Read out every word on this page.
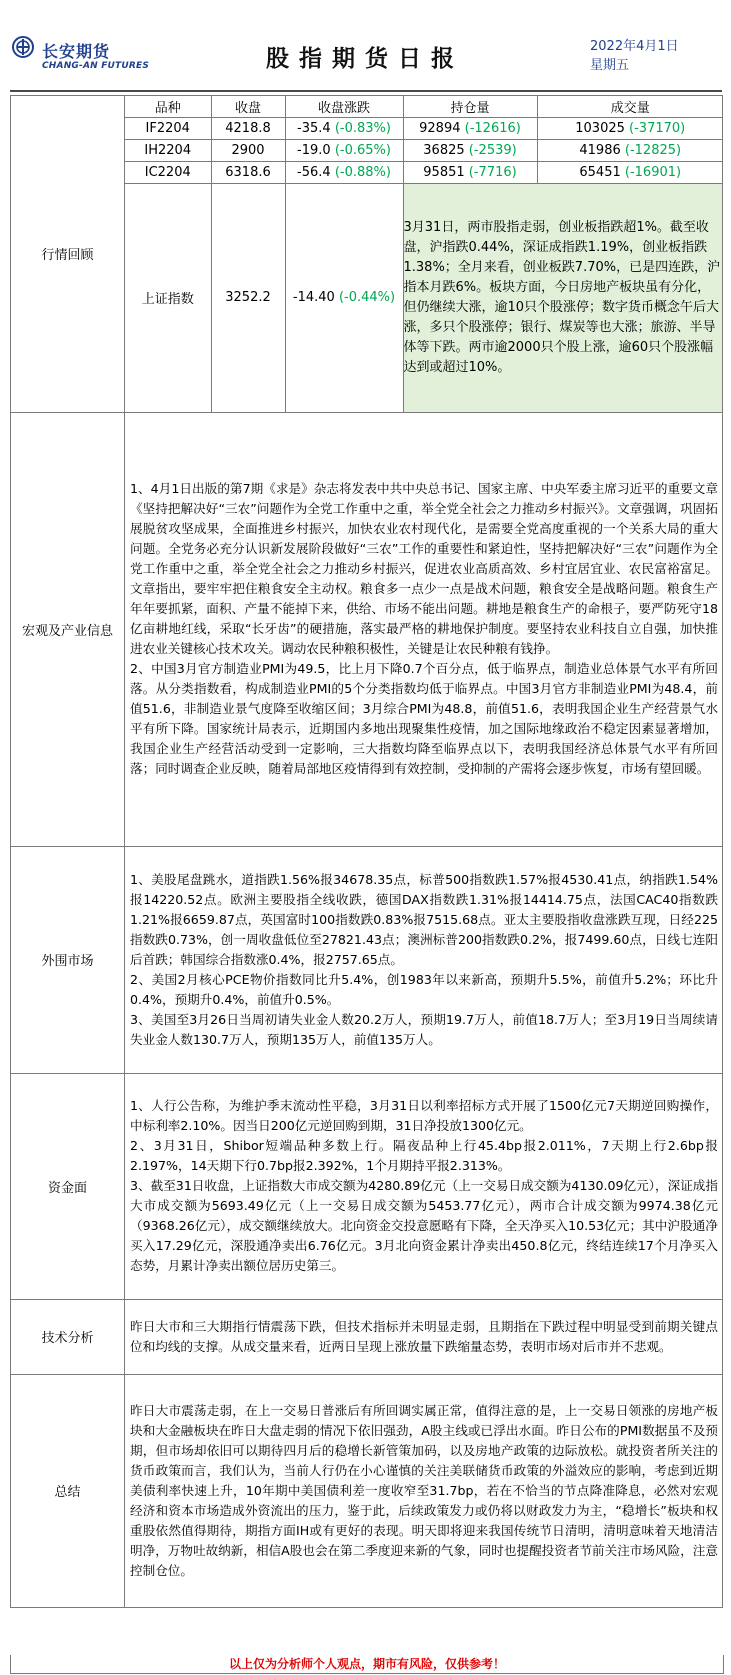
长安期货
CHANG-AN FUTURES	股指期货日报	2022年4月1日
星期五
行情回顾	
品种	收盘	收盘涨跌	持仓量	成交量
IF2204	4218.8	-35.4 (-0.83%)	92894 (-12616)	103025 (-37170)
IH2204	2900	-19.0 (-0.65%)	36825 (-2539)	41986 (-12825)
IC2204	6318.6	-56.4 (-0.88%)	95851 (-7716)	65451 (-16901)
上证指数	3252.2	-14.40 (-0.44%)	3月31日，两市股指走弱，创业板指跌超1%。截至收盘，沪指跌0.44%，深证成指跌1.19%，创业板指跌1.38%；全月来看，创业板跌7.70%，已是四连跌，沪指本月跌6%。板块方面，今日房地产板块虽有分化，但仍继续大涨，逾10只个股涨停；数字货币概念午后大涨，多只个股涨停；银行、煤炭等也大涨；旅游、半导体等下跌。两市逾2000只个股上涨，逾60只个股涨幅达到或超过10%。

宏观及产业信息	

1、4月1日出版的第7期《求是》杂志将发表中共中央总书记、国家主席、中央军委主席习近平的重要文章《坚持把解决好“三农”问题作为全党工作重中之重，举全党全社会之力推动乡村振兴》。文章强调，巩固拓展脱贫攻坚成果，全面推进乡村振兴，加快农业农村现代化，是需要全党高度重视的一个关系大局的重大问题。全党务必充分认识新发展阶段做好“三农”工作的重要性和紧迫性，坚持把解决好“三农”问题作为全党工作重中之重，举全党全社会之力推动乡村振兴，促进农业高质高效、乡村宜居宜业、农民富裕富足。文章指出，要牢牢把住粮食安全主动权。粮食多一点少一点是战术问题，粮食安全是战略问题。粮食生产年年要抓紧，面积、产量不能掉下来，供给、市场不能出问题。耕地是粮食生产的命根子，要严防死守18亿亩耕地红线，采取“长牙齿”的硬措施，落实最严格的耕地保护制度。要坚持农业科技自立自强，加快推进农业关键核心技术攻关。调动农民种粮积极性，关键是让农民种粮有钱挣。

2、中国3月官方制造业PMI为49.5，比上月下降0.7个百分点，低于临界点，制造业总体景气水平有所回落。从分类指数看，构成制造业PMI的5个分类指数均低于临界点。中国3月官方非制造业PMI为48.4，前值51.6，非制造业景气度降至收缩区间；3月综合PMI为48.8，前值51.6，表明我国企业生产经营景气水平有所下降。国家统计局表示，近期国内多地出现聚集性疫情，加之国际地缘政治不稳定因素显著增加，我国企业生产经营活动受到一定影响，三大指数均降至临界点以下，表明我国经济总体景气水平有所回落；同时调查企业反映，随着局部地区疫情得到有效控制，受抑制的产需将会逐步恢复，市场有望回暖。

外围市场	

1、美股尾盘跳水，道指跌1.56%报34678.35点，标普500指数跌1.57%报4530.41点，纳指跌1.54%报14220.52点。欧洲主要股指全线收跌，德国DAX指数跌1.31%报14414.75点，法国CAC40指数跌1.21%报6659.87点，英国富时100指数跌0.83%报7515.68点。亚太主要股指收盘涨跌互现，日经225指数跌0.73%，创一周收盘低位至27821.43点；澳洲标普200指数跌0.2%，报7499.60点，日线七连阳后首跌；韩国综合指数涨0.4%，报2757.65点。

2、美国2月核心PCE物价指数同比升5.4%，创1983年以来新高，预期升5.5%，前值升5.2%；环比升0.4%，预期升0.4%，前值升0.5%。

3、美国至3月26日当周初请失业金人数20.2万人，预期19.7万人，前值18.7万人；至3月19日当周续请失业金人数130.7万人，预期135万人，前值135万人。

资金面	

1、人行公告称，为维护季末流动性平稳，3月31日以利率招标方式开展了1500亿元7天期逆回购操作，中标利率2.10%。因当日200亿元逆回购到期，31日净投放1300亿元。

2、3月31日，Shibor短端品种多数上行。隔夜品种上行45.4bp报2.011%，7天期上行2.6bp报2.197%，14天期下行0.7bp报2.392%，1个月期持平报2.313%。

3、截至31日收盘，上证指数大市成交额为4280.89亿元（上一交易日成交额为4130.09亿元），深证成指大市成交额为5693.49亿元（上一交易日成交额为5453.77亿元），两市合计成交额为9974.38亿元（9368.26亿元），成交额继续放大。北向资金交投意愿略有下降，全天净买入10.53亿元；其中沪股通净买入17.29亿元，深股通净卖出6.76亿元。3月北向资金累计净卖出450.8亿元，终结连续17个月净买入态势，月累计净卖出额位居历史第三。

技术分析	昨日大市和三大期指行情震荡下跌，但技术指标并未明显走弱，且期指在下跌过程中明显受到前期关键点位和均线的支撑。从成交量来看，近两日呈现上涨放量下跌缩量态势，表明市场对后市并不悲观。
总结	昨日大市震荡走弱，在上一交易日普涨后有所回调实属正常，值得注意的是，上一交易日领涨的房地产板块和大金融板块在昨日大盘走弱的情况下依旧强劲，A股主线或已浮出水面。昨日公布的PMI数据虽不及预期，但市场却依旧可以期待四月后的稳增长新管策加码，以及房地产政策的边际放松。就投资者所关注的货币政策而言，我们认为，当前人行仍在小心谨慎的关注美联储货币政策的外溢效应的影响，考虑到近期美债利率快速上升，10年期中美国债利差一度收窄至31.7bp，若在不恰当的节点降准降息，必然对宏观经济和资本市场造成外资流出的压力，鉴于此，后续政策发力或仍将以财政发力为主，“稳增长”板块和权重股依然值得期待，期指方面IH或有更好的表现。明天即将迎来我国传统节日清明，清明意味着天地清洁明净，万物吐故纳新，相信A股也会在第二季度迎来新的气象，同时也提醒投资者节前关注市场风险，注意控制仓位。
以上仅为分析师个人观点，期市有风险，仅供参考！
